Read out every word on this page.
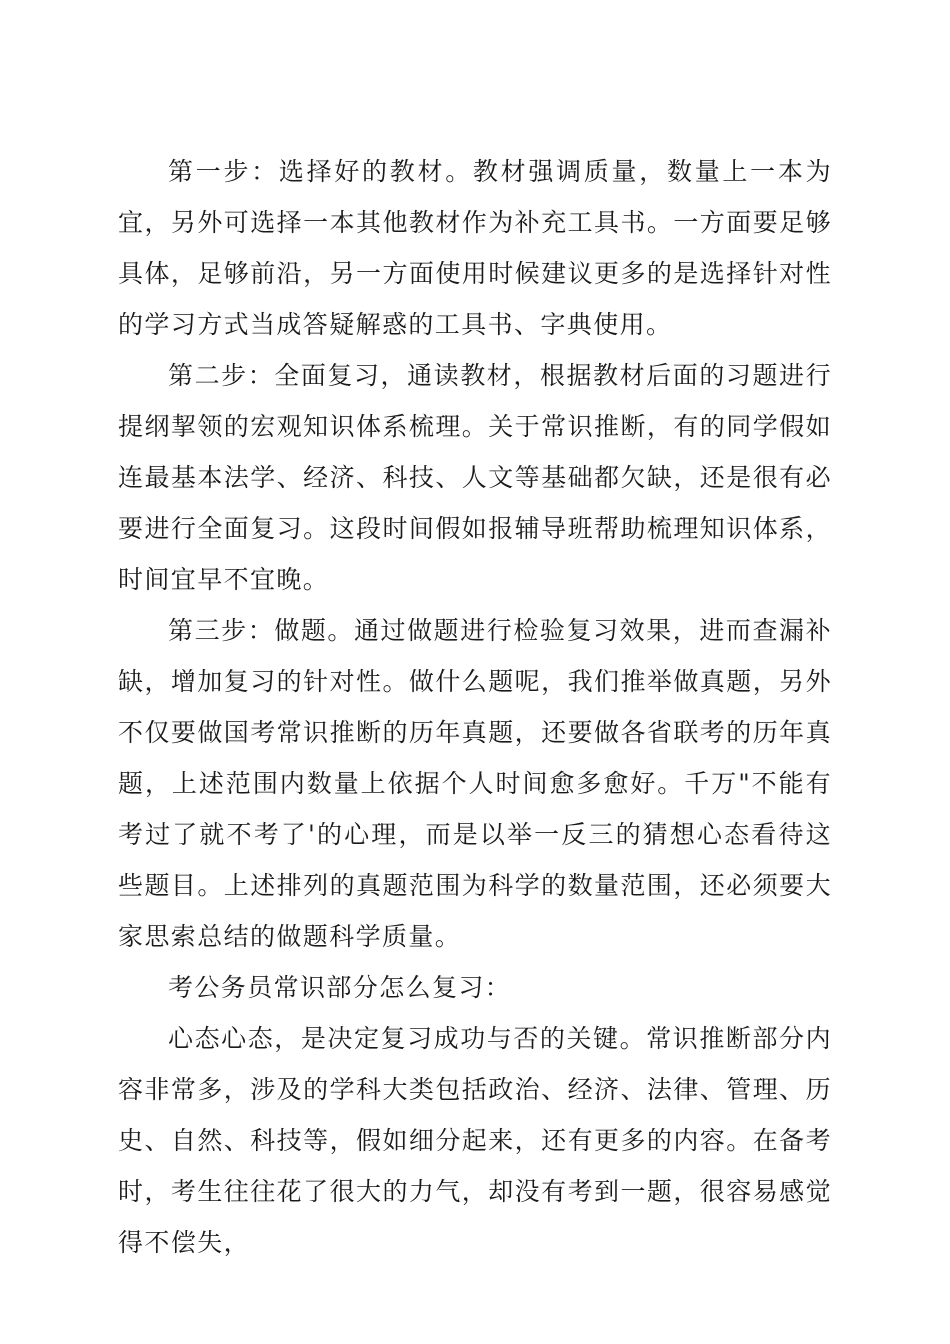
第一步：选择好的教材。教材强调质量，数量上一本为宜，另外可选择一本其他教材作为补充工具书。一方面要足够具体，足够前沿，另一方面使用时候建议更多的是选择针对性的学习方式当成答疑解惑的工具书、字典使用。

第二步：全面复习，通读教材，根据教材后面的习题进行提纲挈领的宏观知识体系梳理。关于常识推断，有的同学假如连最基本法学、经济、科技、人文等基础都欠缺，还是很有必要进行全面复习。这段时间假如报辅导班帮助梳理知识体系，时间宜早不宜晚。

第三步：做题。通过做题进行检验复习效果，进而查漏补缺，增加复习的针对性。做什么题呢，我们推举做真题，另外不仅要做国考常识推断的历年真题，还要做各省联考的历年真题，上述范围内数量上依据个人时间愈多愈好。千万"不能有考过了就不考了'的心理，而是以举一反三的猜想心态看待这些题目。上述排列的真题范围为科学的数量范围，还必须要大家思索总结的做题科学质量。

考公务员常识部分怎么复习：

心态心态，是决定复习成功与否的关键。常识推断部分内容非常多，涉及的学科大类包括政治、经济、法律、管理、历史、自然、科技等，假如细分起来，还有更多的内容。在备考时，考生往往花了很大的力气，却没有考到一题，很容易感觉得不偿失，
